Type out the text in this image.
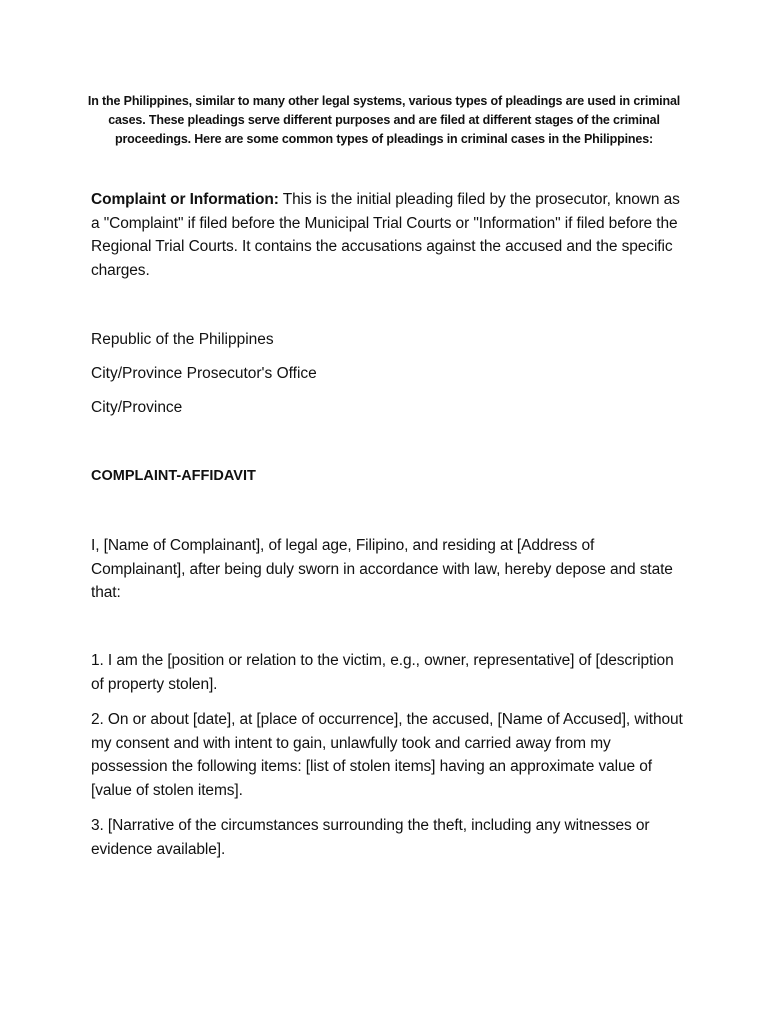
In the Philippines, similar to many other legal systems, various types of pleadings are used in criminal cases. These pleadings serve different purposes and are filed at different stages of the criminal proceedings. Here are some common types of pleadings in criminal cases in the Philippines:
Complaint or Information: This is the initial pleading filed by the prosecutor, known as a "Complaint" if filed before the Municipal Trial Courts or "Information" if filed before the Regional Trial Courts. It contains the accusations against the accused and the specific charges.
Republic of the Philippines
City/Province Prosecutor's Office
City/Province
COMPLAINT-AFFIDAVIT
I, [Name of Complainant], of legal age, Filipino, and residing at [Address of Complainant], after being duly sworn in accordance with law, hereby depose and state that:
1. I am the [position or relation to the victim, e.g., owner, representative] of [description of property stolen].
2. On or about [date], at [place of occurrence], the accused, [Name of Accused], without my consent and with intent to gain, unlawfully took and carried away from my possession the following items: [list of stolen items] having an approximate value of [value of stolen items].
3. [Narrative of the circumstances surrounding the theft, including any witnesses or evidence available].
